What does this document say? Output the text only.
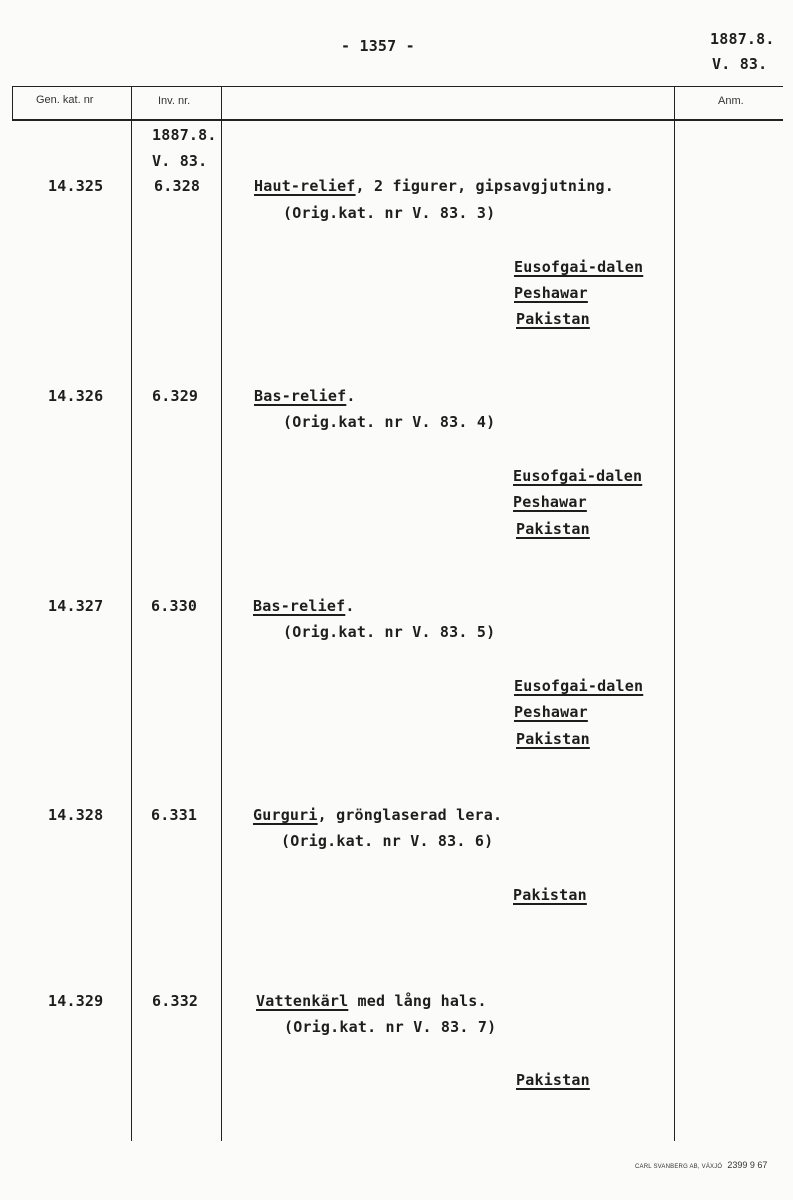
- 1357 -	1887.8.
V. 83.
Gen. kat. nr	Inv. nr.	Anm.
1887.8.
V. 83.
14.325	6.328	Haut-relief, 2 figurer, gipsavgjutning.
(Orig.kat. nr V. 83. 3)
Eusofgai-dalen
Peshawar
Pakistan
14.326	6.329	Bas-relief.
(Orig.kat. nr V. 83. 4)
Eusofgai-dalen
Peshawar
Pakistan
14.327	6.330	Bas-relief.
(Orig.kat. nr V. 83. 5)
Eusofgai-dalen
Peshawar
Pakistan
14.328	6.331	Gurguri, grönglaserad lera.
(Orig.kat. nr V. 83. 6)
Pakistan
14.329	6.332	Vattenkärl med lång hals.
(Orig.kat. nr V. 83. 7)
Pakistan
CARL SVANBERG AB, VÄXJÖ 2399 9 67
